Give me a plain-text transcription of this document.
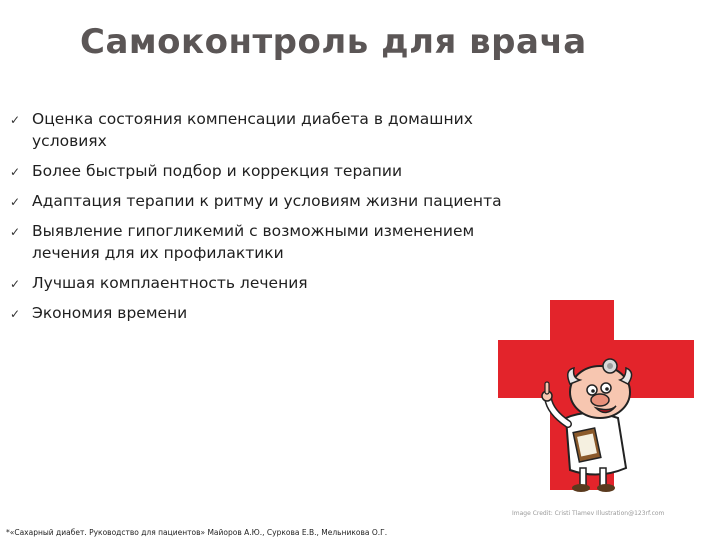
Самоконтроль для врача
✓ Оценка состояния компенсации диабета в домашних условиях
✓ Более быстрый подбор и коррекция терапии
✓ Адаптация терапии к ритму и условиям жизни пациента
✓ Выявление гипогликемий с возможными изменением лечения для их профилактики
✓ Лучшая комплаентность лечения
✓ Экономия времени
Image Credit: Cristi Tlamev Illustration@123rf.com
*«Сахарный диабет. Руководство для пациентов» Майоров А.Ю., Суркова Е.В., Мельникова О.Г.
